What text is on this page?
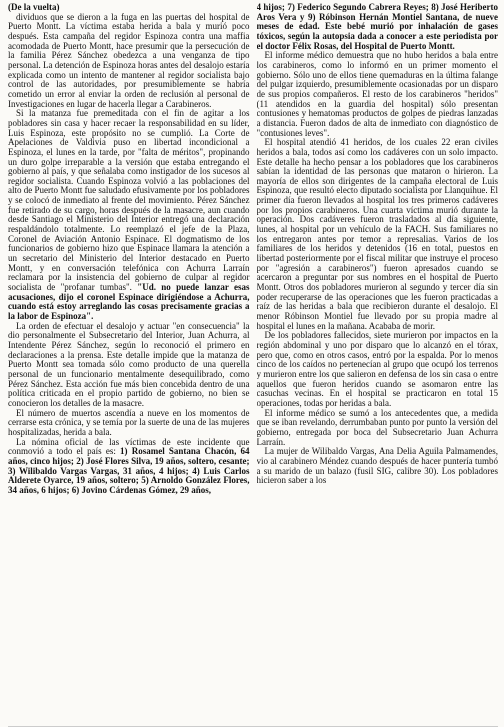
(De la vuelta)

dividuos que se dieron a la fuga en las puertas del hospital de Puerto Montt. La víctima estaba herida a bala y murió poco después. Esta campaña del regidor Espinoza contra una maffia acomodada de Puerto Montt, hace presumir que la persecución de la familia Pérez Sánchez obedezca a una venganza de tipo personal. La detención de Espinoza horas antes del desalojo estaría explicada como un intento de mantener al regidor socialista bajo control de las autoridades, por presumiblemente se habría cometido un error al enviar la orden de reclusión al personal de Investigaciones en lugar de hacerla llegar a Carabineros.

Si la matanza fue premeditada con el fin de agitar a los pobladores sin casa y hacer recaer la responsabilidad en su líder, Luis Espinoza, este propósito no se cumplió. La Corte de Apelaciones de Valdivia puso en libertad incondicional a Espinoza, el lunes en la tarde, por "falta de méritos", propinando un duro golpe irreparable a la versión que estaba entregando el gobierno al país, y que señalaba como instigador de los sucesos al regidor socialista. Cuando Espinoza volvió a las poblaciones del alto de Puerto Montt fue saludado efusivamente por los pobladores y se colocó de inmediato al frente del movimiento. Pérez Sánchez fue retirado de su cargo, horas después de la masacre, aun cuando desde Santiago el Ministerio del Interior entregó una declaración respaldándolo totalmente. Lo reemplazó el jefe de la Plaza, Coronel de Aviación Antonio Espinace. El dogmatismo de los funcionarios de gobierno hizo que Espinace llamara la atención a un secretario del Ministerio del Interior destacado en Puerto Montt, y en conversación telefónica con Achurra Larraín reclamara por la insistencia del gobierno de culpar al regidor socialista de "profanar tumbas". "Ud. no puede lanzar esas acusaciones, dijo el coronel Espinace dirigiéndose a Achurra, cuando está estoy arreglando las cosas precisamente gracias a la labor de Espinoza".

La orden de efectuar el desalojo y actuar "en consecuencia" la dio personalmente el Subsecretario del Interior, Juan Achurra, al Intendente Pérez Sánchez, según lo reconoció el primero en declaraciones a la prensa. Este detalle impide que la matanza de Puerto Montt sea tomada sólo como producto de una querella personal de un funcionario mentalmente desequilibrado, como Pérez Sánchez. Esta acción fue más bien concebida dentro de una política criticada en el propio partido de gobierno, no bien se conocieron los detalles de la masacre.

El número de muertos ascendía a nueve en los momentos de cerrarse esta crónica, y se temía por la suerte de una de las mujeres hospitalizadas, herida a bala.

La nómina oficial de las víctimas de este incidente que conmovió a todo el país es: 1) Rosamel Santana Chacón, 64 años, cinco hijos; 2) José Flores Silva, 19 años, soltero, cesante; 3) Wilibaldo Vargas Vargas, 31 años, 4 hijos; 4) Luis Carlos Alderete Oyarce, 19 años, soltero; 5) Arnoldo González Flores, 34 años, 6 hijos; 6) Jovino Cárdenas Gómez, 29 años,

4 hijos; 7) Federico Segundo Cabrera Reyes; 8) José Heriberto Aros Vera y 9) Róbinson Hernán Montiel Santana, de nueve meses de edad. Este bebé murió por inhalación de gases tóxicos, según la autopsia dada a conocer a este periodista por el doctor Félix Rosas, del Hospital de Puerto Montt.

El informe médico demuestra que no hubo heridos a bala entre los carabineros, como lo informó en un primer momento el gobierno. Sólo uno de ellos tiene quemaduras en la última falange del pulgar izquierdo, presumiblemente ocasionadas por un disparo de sus propios compañeros. El resto de los carabineros "heridos" (11 atendidos en la guardia del hospital) sólo presentan contusiones y hematomas productos de golpes de piedras lanzadas a distancia. Fueron dados de alta de inmediato con diagnóstico de "contusiones leves".

El hospital atendió 41 heridos, de los cuales 22 eran civiles heridos a bala, todos así como los cadáveres con un solo impacto. Este detalle ha hecho pensar a los pobladores que los carabineros sabían la identidad de las personas que mataron o hirieron. La mayoría de ellos son dirigentes de la campaña electoral de Luis Espinoza, que resultó electo diputado socialista por Llanquihue. El primer día fueron llevados al hospital los tres primeros cadáveres por los propios carabineros. Una cuarta víctima murió durante la operación. Dos cadáveres fueron trasladados al día siguiente, lunes, al hospital por un vehículo de la FACH. Sus familiares no los entregaron antes por temor a represalias. Varios de los familiares de los heridos y detenidos (16 en total, puestos en libertad posteriormente por el fiscal militar que instruye el proceso por "agresión a carabineros") fueron apresados cuando se acercaron a preguntar por sus nombres en el hospital de Puerto Montt. Otros dos pobladores murieron al segundo y tercer día sin poder recuperarse de las operaciones que les fueron practicadas a raíz de las heridas a bala que recibieron durante el desalojo. El menor Róbinson Montiel fue llevado por su propia madre al hospital el lunes en la mañana. Acababa de morir.

De los pobladores fallecidos, siete murieron por impactos en la región abdominal y uno por disparo que lo alcanzó en el tórax, pero que, como en otros casos, entró por la espalda. Por lo menos cinco de los caídos no pertenecían al grupo que ocupó los terrenos y murieron entre los que salieron en defensa de los sin casa o entre aquellos que fueron heridos cuando se asomaron entre las casuchas vecinas. En el hospital se practicaron en total 15 operaciones, todas por heridas a bala.

El informe médico se sumó a los antecedentes que, a medida que se iban revelando, derrumbaban punto por punto la versión del gobierno, entregada por boca del Subsecretario Juan Achurra Larraín.

La mujer de Wilibaldo Vargas, Ana Delia Aguila Palmamendes, vio al carabinero Méndez cuando después de hacer puntería tumbó a su marido de un balazo (fusil SIG, calibre 30). Los pobladores hicieron saber a los
